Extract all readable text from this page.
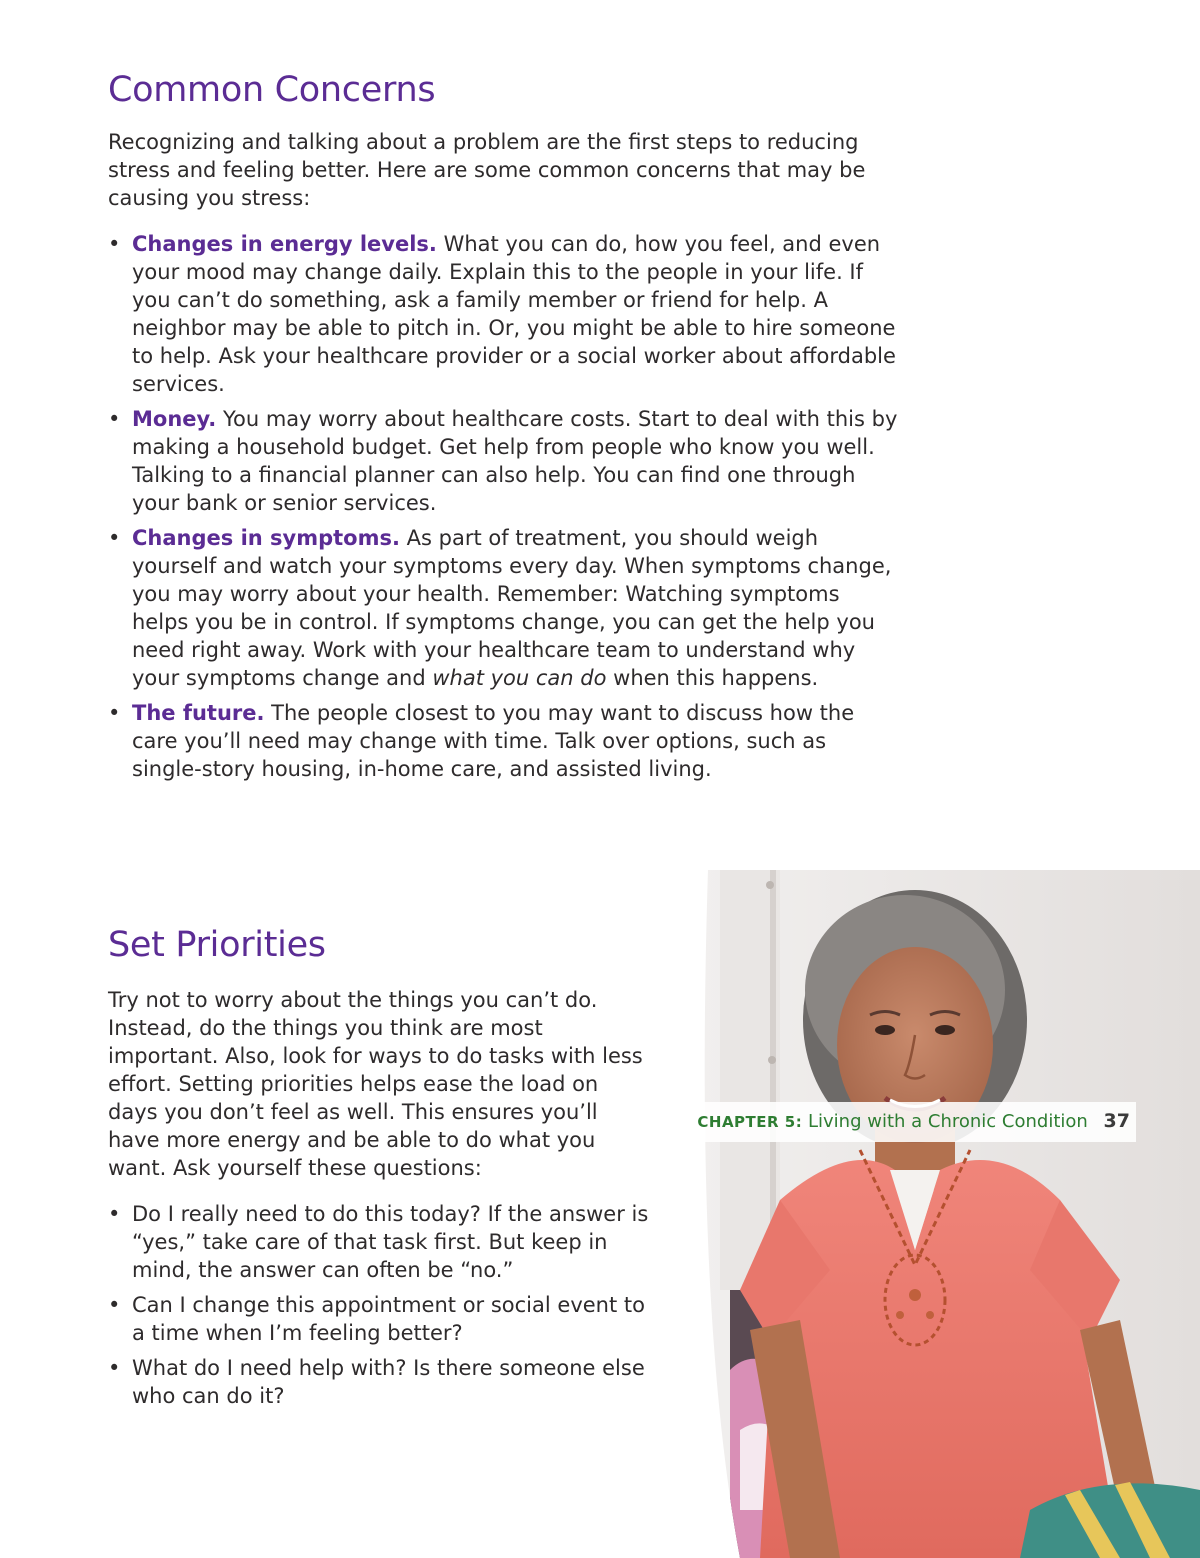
Common Concerns

Recognizing and talking about a problem are the first steps to reducing stress and feeling better. Here are some common concerns that may be causing you stress:

• Changes in energy levels. What you can do, how you feel, and even your mood may change daily. Explain this to the people in your life. If you can’t do something, ask a family member or friend for help. A neighbor may be able to pitch in. Or, you might be able to hire someone to help. Ask your healthcare provider or a social worker about affordable services.
• Money. You may worry about healthcare costs. Start to deal with this by making a household budget. Get help from people who know you well. Talking to a financial planner can also help. You can find one through your bank or senior services.
• Changes in symptoms. As part of treatment, you should weigh yourself and watch your symptoms every day. When symptoms change, you may worry about your health. Remember: Watching symptoms helps you be in control. If symptoms change, you can get the help you need right away. Work with your healthcare team to understand why your symptoms change and what you can do when this happens.
• The future. The people closest to you may want to discuss how the care you’ll need may change with time. Talk over options, such as single-story housing, in-home care, and assisted living.
Set Priorities

Try not to worry about the things you can’t do. Instead, do the things you think are most important. Also, look for ways to do tasks with less effort. Setting priorities helps ease the load on days you don’t feel as well. This ensures you’ll have more energy and be able to do what you want. Ask yourself these questions:

• Do I really need to do this today? If the answer is “yes,” take care of that task first. But keep in mind, the answer can often be “no.”
• Can I change this appointment or social event to a time when I’m feeling better?
• What do I need help with? Is there someone else who can do it?
CHAPTER 5: Living with a Chronic Condition 37
